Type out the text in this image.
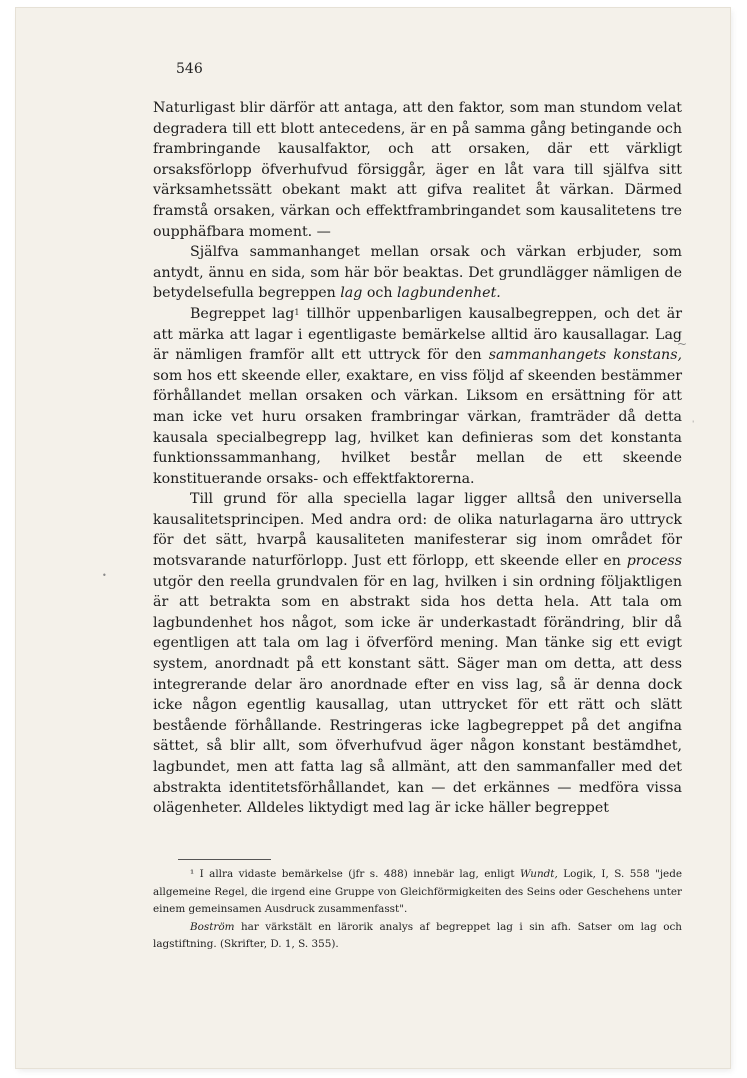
546

Naturligast blir därför att antaga, att den faktor, som man stundom velat degradera till ett blott antecedens, är en på samma gång betingande och frambringande kausalfaktor, och att orsaken, där ett värkligt orsaksförlopp öfverhufvud försiggår, äger en låt vara till själfva sitt värksamhetssätt obekant makt att gifva realitet åt värkan. Därmed framstå orsaken, värkan och effektframbringandet som kausalitetens tre oupphäfbara moment. —

Själfva sammanhanget mellan orsak och värkan erbjuder, som antydt, ännu en sida, som här bör beaktas. Det grundlägger nämligen de betydelsefulla begreppen lag och lagbundenhet.

Begreppet lag$^1$ tillhör uppenbarligen kausalbegreppen, och det är att märka att lagar i egentligaste bemärkelse alltid äro kausallagar. Lag är nämligen framför allt ett uttryck för den sammanhangets konstans, som hos ett skeende eller, exaktare, en viss följd af skeenden bestämmer förhållandet mellan orsaken och värkan. Liksom en ersättning för att man icke vet huru orsaken frambringar värkan, framträder då detta kausala specialbegrepp lag, hvilket kan definieras som det konstanta funktionssammanhang, hvilket består mellan de ett skeende konstituerande orsaks- och effektfaktorerna.

Till grund för alla speciella lagar ligger alltså den universella kausalitetsprincipen. Med andra ord: de olika naturlagarna äro uttryck för det sätt, hvarpå kausaliteten manifesterar sig inom området för motsvarande naturförlopp. Just ett förlopp, ett skeende eller en process utgör den reella grundvalen för en lag, hvilken i sin ordning följaktligen är att betrakta som en abstrakt sida hos detta hela. Att tala om lagbundenhet hos något, som icke är underkastadt förändring, blir då egentligen att tala om lag i öfverförd mening. Man tänke sig ett evigt system, anordnadt på ett konstant sätt. Säger man om detta, att dess integrerande delar äro anordnade efter en viss lag, så är denna dock icke någon egentlig kausallag, utan uttrycket för ett rätt och slätt bestående förhållande. Restringeras icke lagbegreppet på det angifna sättet, så blir allt, som öfverhufvud äger någon konstant bestämdhet, lagbundet, men att fatta lag så allmänt, att den sammanfaller med det abstrakta identitetsförhållandet, kan — det erkännes — medföra vissa olägenheter. Alldeles liktydigt med lag är icke häller begreppet

¹ I allra vidaste bemärkelse (jfr s. 488) innebär lag, enligt Wundt, Logik, I, S. 558 "jede allgemeine Regel, die irgend eine Gruppe von Gleichförmigkeiten des Seins oder Geschehens unter einem gemeinsamen Ausdruck zusammenfasst".

Boström har värkstält en lärorik analys af begreppet lag i sin afh. Satser om lag och lagstiftning. (Skrifter, D. 1, S. 355).

~
ˈ
•
